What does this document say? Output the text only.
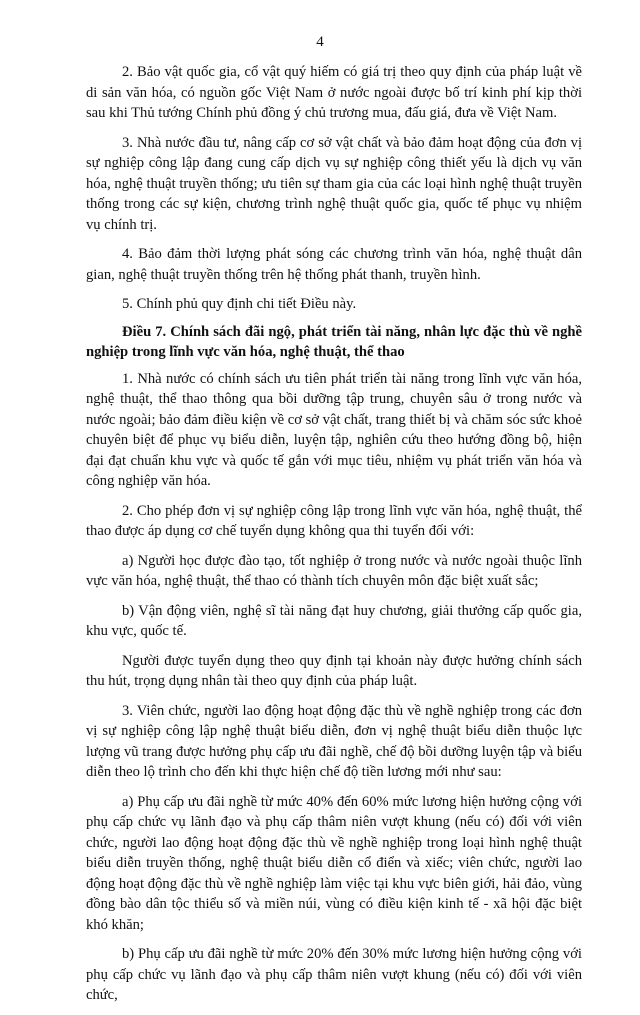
4

2. Bảo vật quốc gia, cổ vật quý hiếm có giá trị theo quy định của pháp luật về di sản văn hóa, có nguồn gốc Việt Nam ở nước ngoài được bố trí kinh phí kịp thời sau khi Thủ tướng Chính phủ đồng ý chủ trương mua, đấu giá, đưa về Việt Nam.

3. Nhà nước đầu tư, nâng cấp cơ sở vật chất và bảo đảm hoạt động của đơn vị sự nghiệp công lập đang cung cấp dịch vụ sự nghiệp công thiết yếu là dịch vụ văn hóa, nghệ thuật truyền thống; ưu tiên sự tham gia của các loại hình nghệ thuật truyền thống trong các sự kiện, chương trình nghệ thuật quốc gia, quốc tế phục vụ nhiệm vụ chính trị.

4. Bảo đảm thời lượng phát sóng các chương trình văn hóa, nghệ thuật dân gian, nghệ thuật truyền thống trên hệ thống phát thanh, truyền hình.

5. Chính phủ quy định chi tiết Điều này.

Điều 7. Chính sách đãi ngộ, phát triển tài năng, nhân lực đặc thù về nghề nghiệp trong lĩnh vực văn hóa, nghệ thuật, thể thao

1. Nhà nước có chính sách ưu tiên phát triển tài năng trong lĩnh vực văn hóa, nghệ thuật, thể thao thông qua bồi dưỡng tập trung, chuyên sâu ở trong nước và nước ngoài; bảo đảm điều kiện về cơ sở vật chất, trang thiết bị và chăm sóc sức khoẻ chuyên biệt để phục vụ biểu diễn, luyện tập, nghiên cứu theo hướng đồng bộ, hiện đại đạt chuẩn khu vực và quốc tế gắn với mục tiêu, nhiệm vụ phát triển văn hóa và công nghiệp văn hóa.

2. Cho phép đơn vị sự nghiệp công lập trong lĩnh vực văn hóa, nghệ thuật, thể thao được áp dụng cơ chế tuyển dụng không qua thi tuyển đối với:

a) Người học được đào tạo, tốt nghiệp ở trong nước và nước ngoài thuộc lĩnh vực văn hóa, nghệ thuật, thể thao có thành tích chuyên môn đặc biệt xuất sắc;

b) Vận động viên, nghệ sĩ tài năng đạt huy chương, giải thưởng cấp quốc gia, khu vực, quốc tế.

Người được tuyển dụng theo quy định tại khoản này được hưởng chính sách thu hút, trọng dụng nhân tài theo quy định của pháp luật.

3. Viên chức, người lao động hoạt động đặc thù về nghề nghiệp trong các đơn vị sự nghiệp công lập nghệ thuật biểu diễn, đơn vị nghệ thuật biểu diễn thuộc lực lượng vũ trang được hưởng phụ cấp ưu đãi nghề, chế độ bồi dưỡng luyện tập và biểu diễn theo lộ trình cho đến khi thực hiện chế độ tiền lương mới như sau:

a) Phụ cấp ưu đãi nghề từ mức 40% đến 60% mức lương hiện hưởng cộng với phụ cấp chức vụ lãnh đạo và phụ cấp thâm niên vượt khung (nếu có) đối với viên chức, người lao động hoạt động đặc thù về nghề nghiệp trong loại hình nghệ thuật biểu diễn truyền thống, nghệ thuật biểu diễn cổ điển và xiếc; viên chức, người lao động hoạt động đặc thù về nghề nghiệp làm việc tại khu vực biên giới, hải đảo, vùng đồng bào dân tộc thiểu số và miền núi, vùng có điều kiện kinh tế - xã hội đặc biệt khó khăn;

b) Phụ cấp ưu đãi nghề từ mức 20% đến 30% mức lương hiện hưởng cộng với phụ cấp chức vụ lãnh đạo và phụ cấp thâm niên vượt khung (nếu có) đối với viên chức,
